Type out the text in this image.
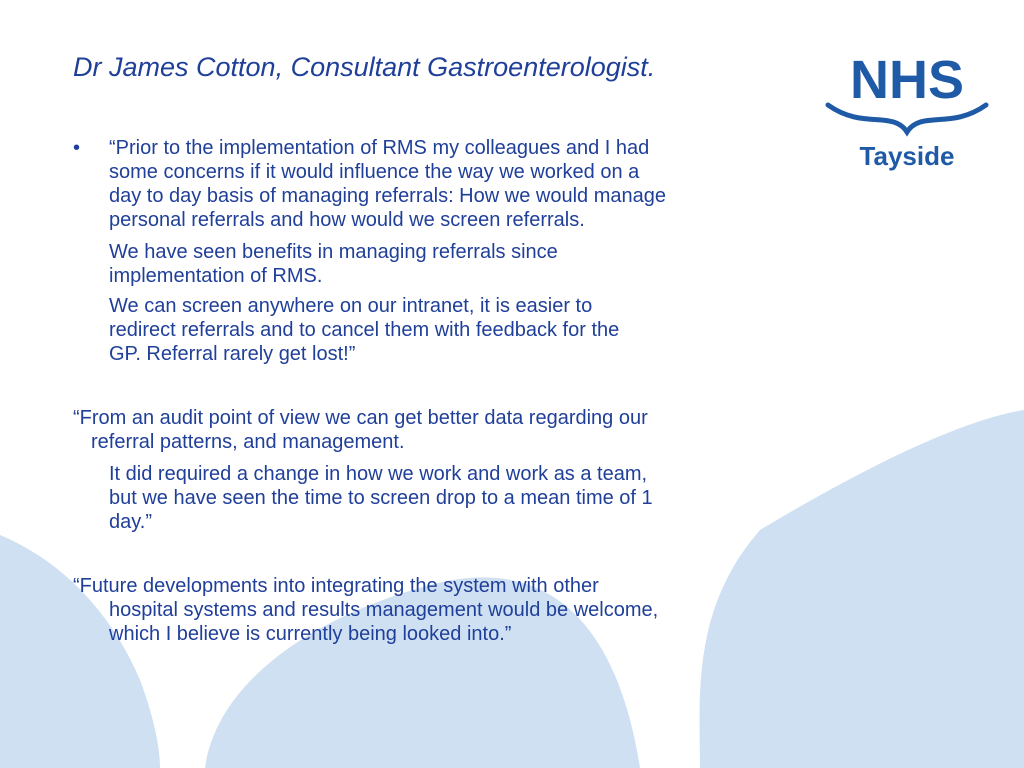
Dr James Cotton, Consultant Gastroenterologist.	NHS
Tayside
• “Prior to the implementation of RMS my colleagues and I had
some concerns if it would influence the way we worked on a
day to day basis of managing referrals: How we would manage
personal referrals and how would we screen referrals.
We have seen benefits in managing referrals since
implementation of RMS.
We can screen anywhere on our intranet, it is easier to
redirect referrals and to cancel them with feedback for the
GP. Referral rarely get lost!”
“From an audit point of view we can get better data regarding our
referral patterns, and management.
It did required a change in how we work and work as a team,
but we have seen the time to screen drop to a mean time of 1
day.”
“Future developments into integrating the system with other
hospital systems and results management would be welcome,
which I believe is currently being looked into.”
